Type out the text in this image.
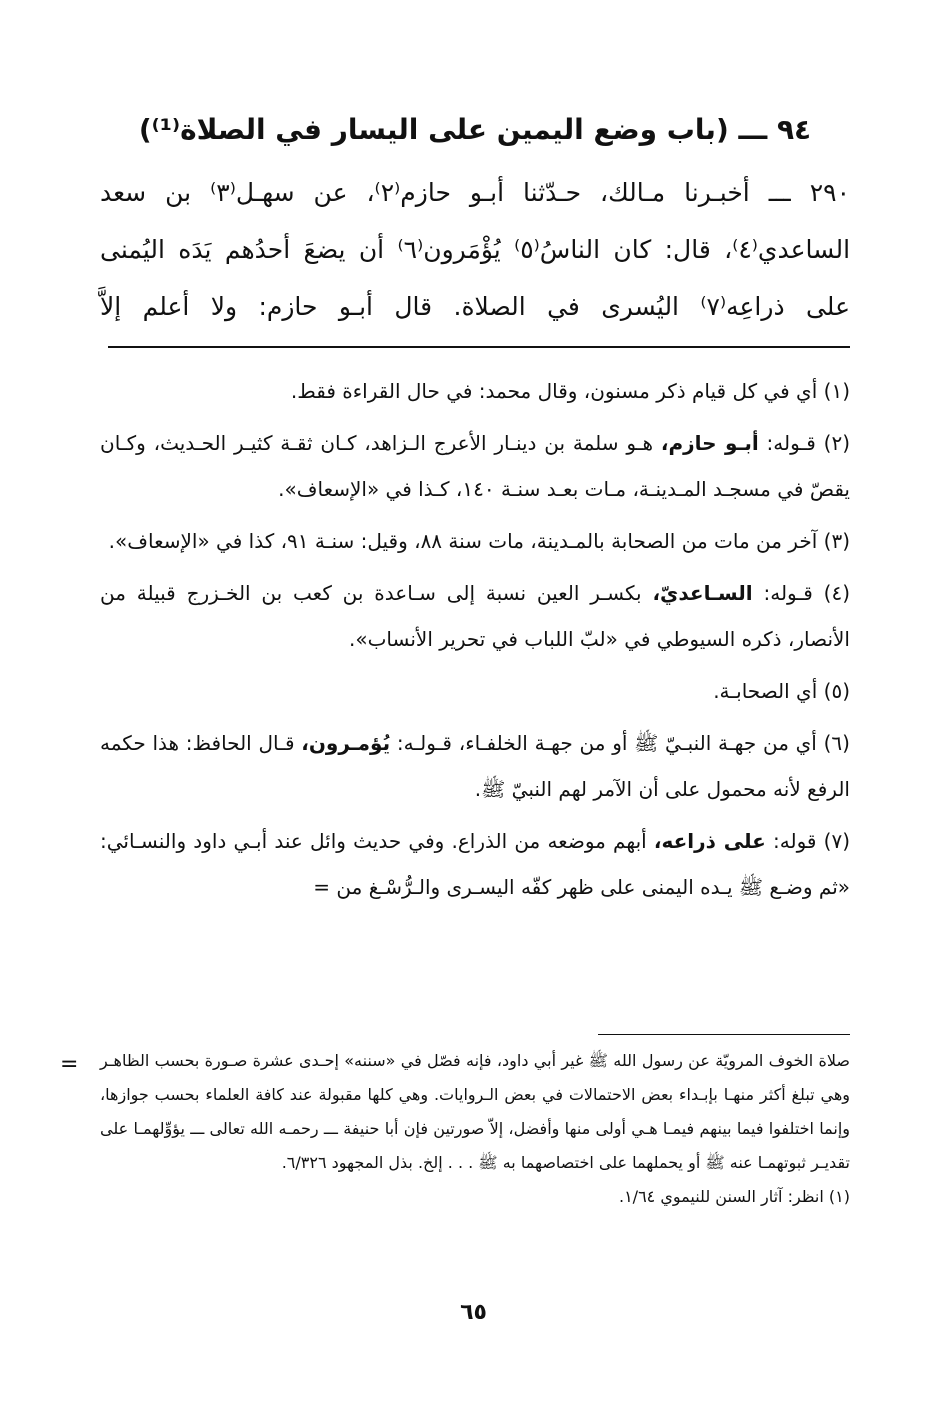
٩٤ ـــ (باب وضع اليمين على اليسار في الصلاة⁽¹⁾)

٢٩٠ ـــ أخبـرنا مـالك، حـدّثنا أبـو حازم⁽٢⁾، عن سهـل⁽٣⁾ بن سعد الساعدي⁽٤⁾، قال: كان الناسُ⁽٥⁾ يُؤْمَرون⁽٦⁾ أن يضعَ أحدُهم يَدَه اليُمنى على ذراعِه⁽٧⁾ اليُسرى في الصلاة. قال أبـو حازم: ولا أعلم إلاَّ

(١) أي في كل قيام ذكر مسنون، وقال محمد: في حال القراءة فقط.

(٢) قـوله: أبـو حازم، هـو سلمة بن دينـار الأعرج الـزاهد، كـان ثقـة كثيـر الحـديث، وكـان يقصّ في مسجـد المـدينـة، مـات بعـد سنـة ١٤٠، كـذا في «الإسعاف».

(٣) آخر من مات من الصحابة بالمـدينة، مات سنة ٨٨، وقيل: سنـة ٩١، كذا في «الإسعاف».

(٤) قـوله: السـاعديّ، بكسـر العين نسبة إلى سـاعدة بن كعب بن الخـزرج قبيلة من الأنصار، ذكره السيوطي في «لبّ اللباب في تحرير الأنساب».

(٥) أي الصحابـة.

(٦) أي من جهـة النبـيّ ﷺ أو من جهـة الخلفـاء، قـولـه: يُؤمـرون، قـال الحافظ: هذا حكمه الرفع لأنه محمول على أن الآمر لهم النبيّ ﷺ.

(٧) قوله: على ذراعه، أبهم موضعه من الذراع. وفي حديث وائل عند أبـي داود والنسـائي: «ثم وضـع ﷺ يـده اليمنى على ظهر كفّه اليسـرى والـرُّسْـغ من =

= صلاة الخوف المرويّة عن رسول الله ﷺ غير أبي داود، فإنه فصّل في «سننه» إحـدى عشرة صـورة بحسب الظاهـر وهي تبلغ أكثر منهـا بإبـداء بعض الاحتمالات في بعض الـروايات. وهي كلها مقبولة عند كافة العلماء بحسب جوازها، وإنما اختلفوا فيما بينهم فيمـا هـي أولى منها وأفضل، إلاّ صورتين فإن أبا حنيفة ـــ رحمـه الله تعالى ـــ يؤوِّلهمـا على تقديـر ثبوتهمـا عنه ﷺ أو يحملهما على اختصاصهما به ﷺ . . . إلخ. بذل المجهود ٦/٣٢٦.

(١) انظر: آثار السنن للنيموي ١/٦٤.

٦٥
